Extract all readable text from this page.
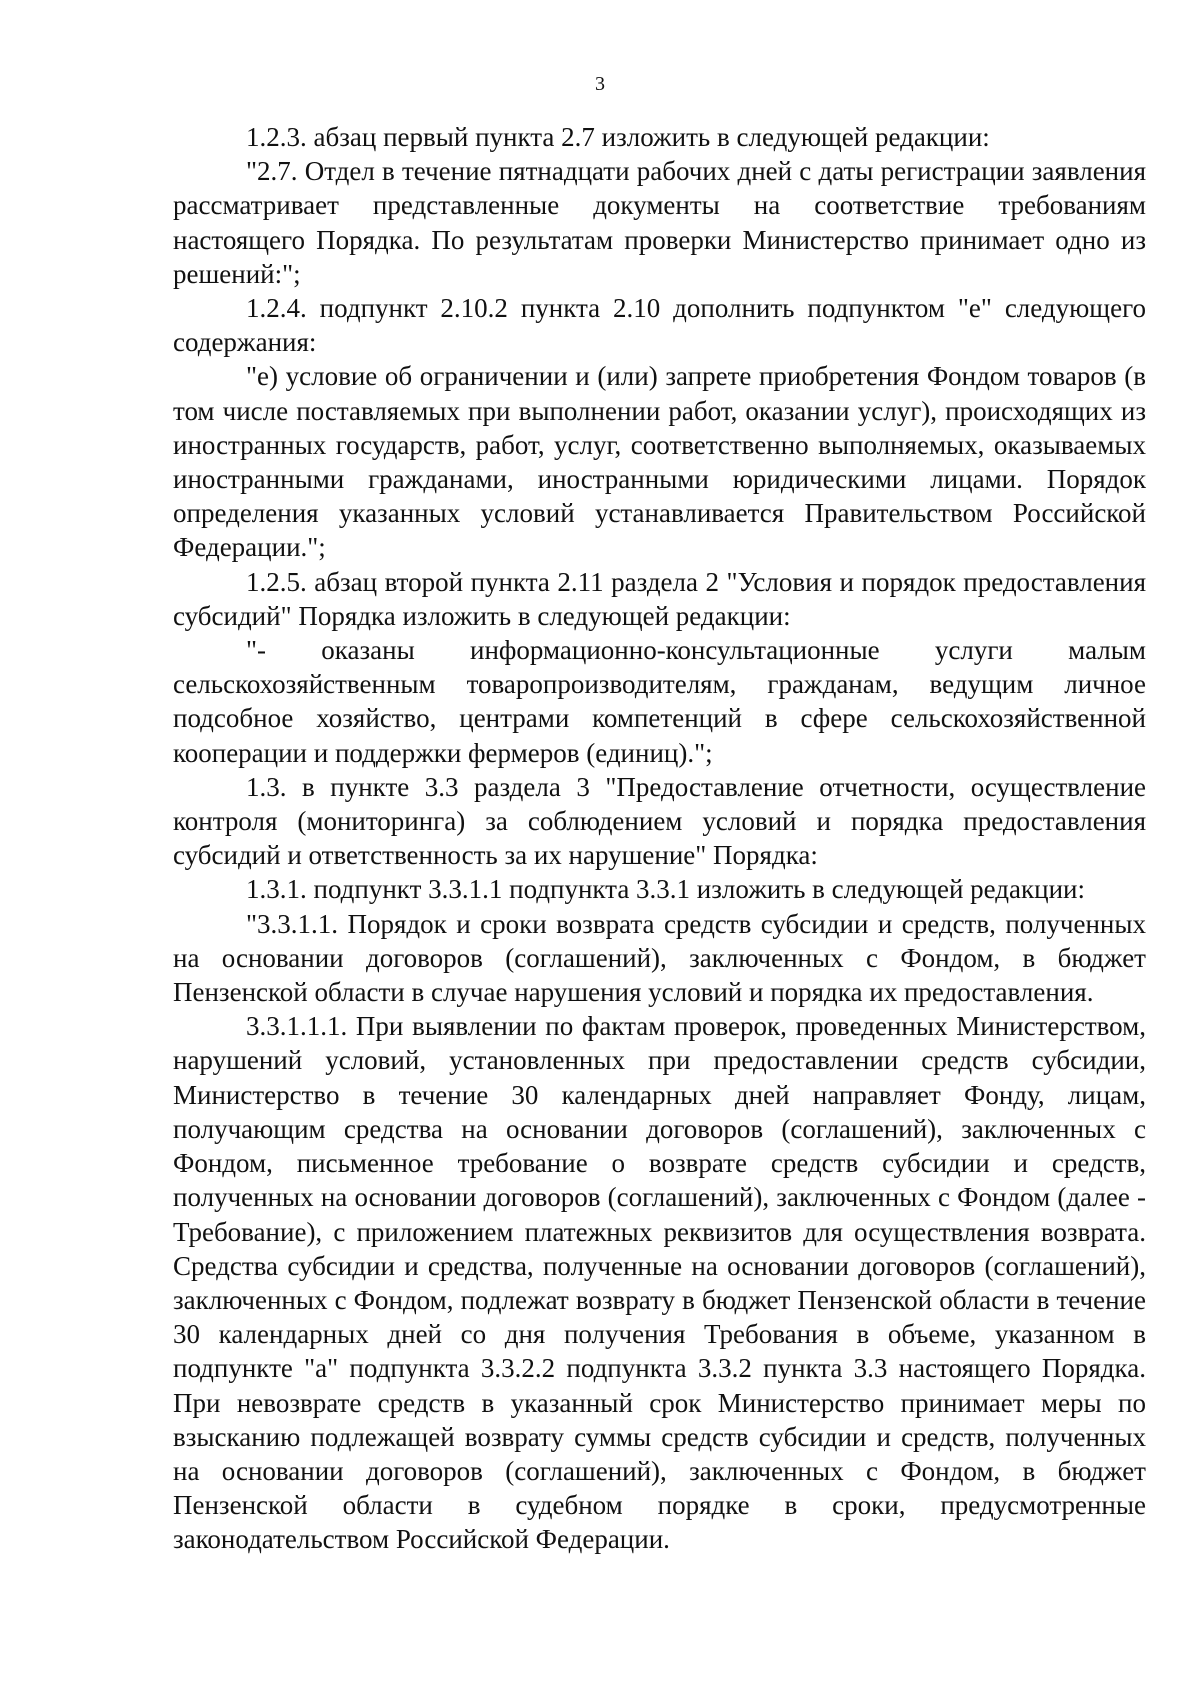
3

1.2.3. абзац первый пункта 2.7 изложить в следующей редакции:

"2.7. Отдел в течение пятнадцати рабочих дней с даты регистрации заявления рассматривает представленные документы на соответствие требованиям настоящего Порядка. По результатам проверки Министерство принимает одно из решений:";

1.2.4. подпункт 2.10.2 пункта 2.10 дополнить подпунктом "е" следующего содержания:

"е) условие об ограничении и (или) запрете приобретения Фондом товаров (в том числе поставляемых при выполнении работ, оказании услуг), происходящих из иностранных государств, работ, услуг, соответственно выполняемых, оказываемых иностранными гражданами, иностранными юридическими лицами. Порядок определения указанных условий устанавливается Правительством Российской Федерации.";

1.2.5. абзац второй пункта 2.11 раздела 2 "Условия и порядок предоставления субсидий" Порядка изложить в следующей редакции:

"- оказаны информационно-консультационные услуги малым сельскохозяйственным товаропроизводителям, гражданам, ведущим личное подсобное хозяйство, центрами компетенций в сфере сельскохозяйственной кооперации и поддержки фермеров (единиц).";

1.3. в пункте 3.3 раздела 3 "Предоставление отчетности, осуществление контроля (мониторинга) за соблюдением условий и порядка предоставления субсидий и ответственность за их нарушение" Порядка:

1.3.1. подпункт 3.3.1.1 подпункта 3.3.1 изложить в следующей редакции:

"3.3.1.1. Порядок и сроки возврата средств субсидии и средств, полученных на основании договоров (соглашений), заключенных с Фондом, в бюджет Пензенской области в случае нарушения условий и порядка их предоставления.

3.3.1.1.1. При выявлении по фактам проверок, проведенных Министерством, нарушений условий, установленных при предоставлении средств субсидии, Министерство в течение 30 календарных дней направляет Фонду, лицам, получающим средства на основании договоров (соглашений), заключенных с Фондом, письменное требование о возврате средств субсидии и средств, полученных на основании договоров (соглашений), заключенных с Фондом (далее - Требование), с приложением платежных реквизитов для осуществления возврата. Средства субсидии и средства, полученные на основании договоров (соглашений), заключенных с Фондом, подлежат возврату в бюджет Пензенской области в течение 30 календарных дней со дня получения Требования в объеме, указанном в подпункте "а" подпункта 3.3.2.2 подпункта 3.3.2 пункта 3.3 настоящего Порядка. При невозврате средств в указанный срок Министерство принимает меры по взысканию подлежащей возврату суммы средств субсидии и средств, полученных на основании договоров (соглашений), заключенных с Фондом, в бюджет Пензенской области в судебном порядке в сроки, предусмотренные законодательством Российской Федерации.
